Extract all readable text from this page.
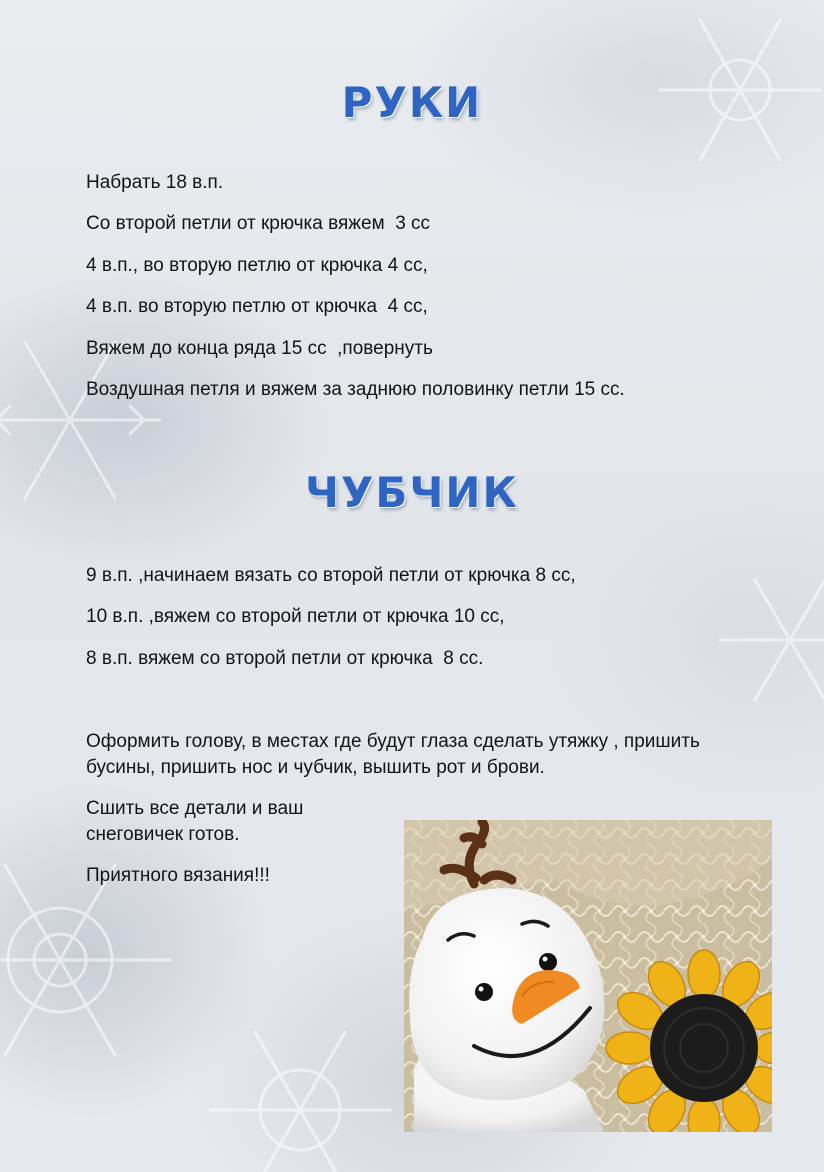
РУКИ

Набрать 18 в.п.

Со второй петли от крючка вяжем  3 сс

4 в.п., во вторую петлю от крючка 4 сс,

4 в.п. во вторую петлю от крючка  4 сс,

Вяжем до конца ряда 15 сс  ,повернуть

Воздушная петля и вяжем за заднюю половинку петли 15 сс.

ЧУБЧИК

9 в.п. ,начинаем вязать со второй петли от крючка 8 сс,

10 в.п. ,вяжем со второй петли от крючка 10 сс,

8 в.п. вяжем со второй петли от крючка  8 сс.

Оформить голову, в местах где будут глаза сделать утяжку , пришить

бусины, пришить нос и чубчик, вышить рот и брови.

Сшить все детали и ваш

снеговичек готов.

Приятного вязания!!!
